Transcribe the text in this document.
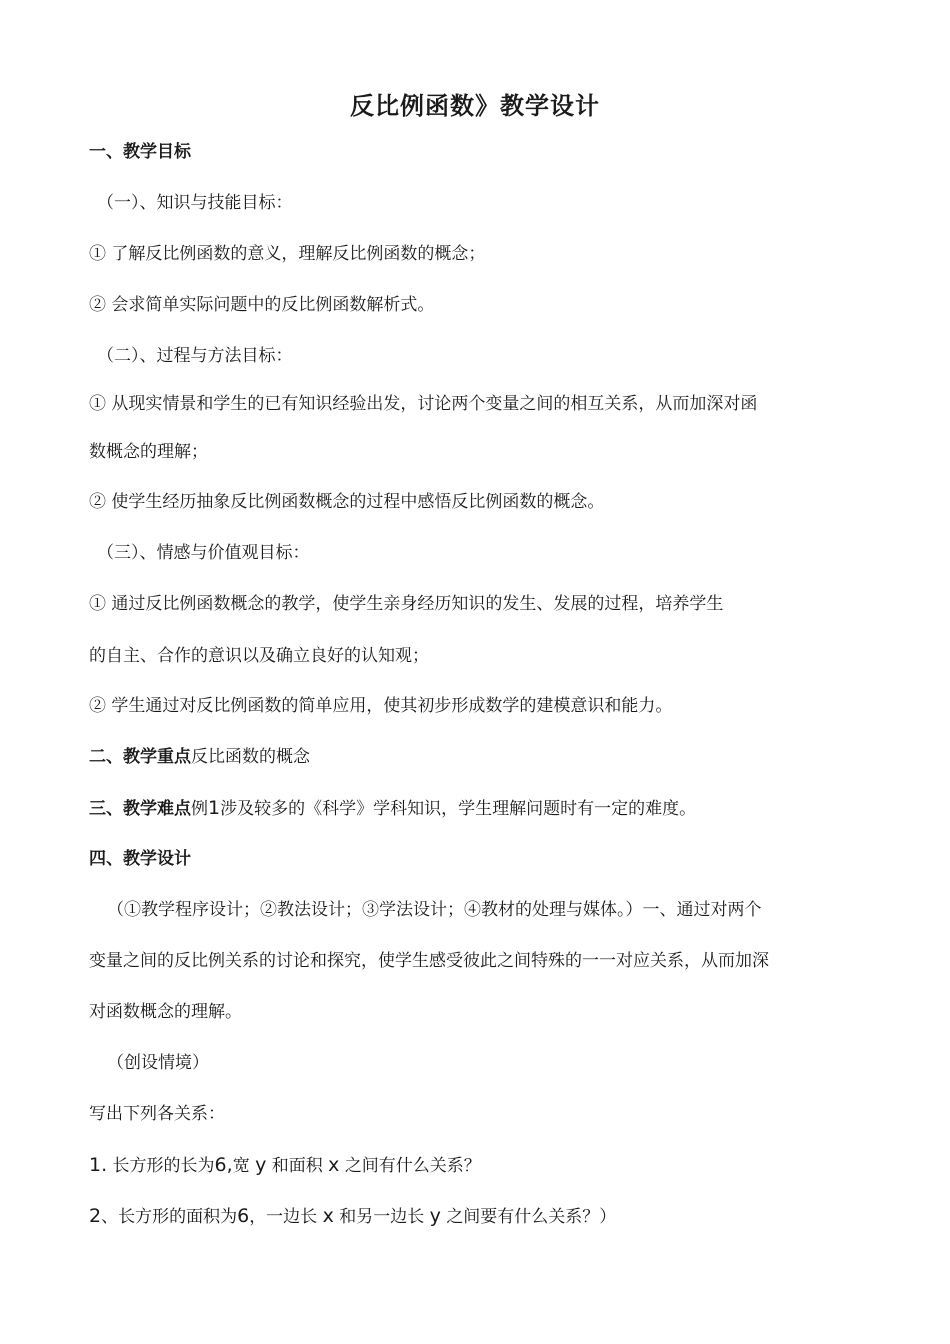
反比例函数》教学设计
一、教学目标
（一）、知识与技能目标：
① 了解反比例函数的意义，理解反比例函数的概念；
② 会求简单实际问题中的反比例函数解析式。
（二）、过程与方法目标：
① 从现实情景和学生的已有知识经验出发，讨论两个变量之间的相互关系，从而加深对函
数概念的理解；
② 使学生经历抽象反比例函数概念的过程中感悟反比例函数的概念。
（三）、情感与价值观目标：
① 通过反比例函数概念的教学，使学生亲身经历知识的发生、发展的过程，培养学生
的自主、合作的意识以及确立良好的认知观；
② 学生通过对反比例函数的简单应用，使其初步形成数学的建模意识和能力。
二、教学重点反比函数的概念
三、教学难点例1涉及较多的《科学》学科知识，学生理解问题时有一定的难度。
四、教学设计
（①教学程序设计；②教法设计；③学法设计；④教材的处理与媒体。）一、通过对两个
变量之间的反比例关系的讨论和探究，使学生感受彼此之间特殊的一一对应关系，从而加深
对函数概念的理解。
（创设情境）
写出下列各关系：
1. 长方形的长为6,宽 y 和面积 x 之间有什么关系？
2、长方形的面积为6，一边长 x 和另一边长 y 之间要有什么关系？）
